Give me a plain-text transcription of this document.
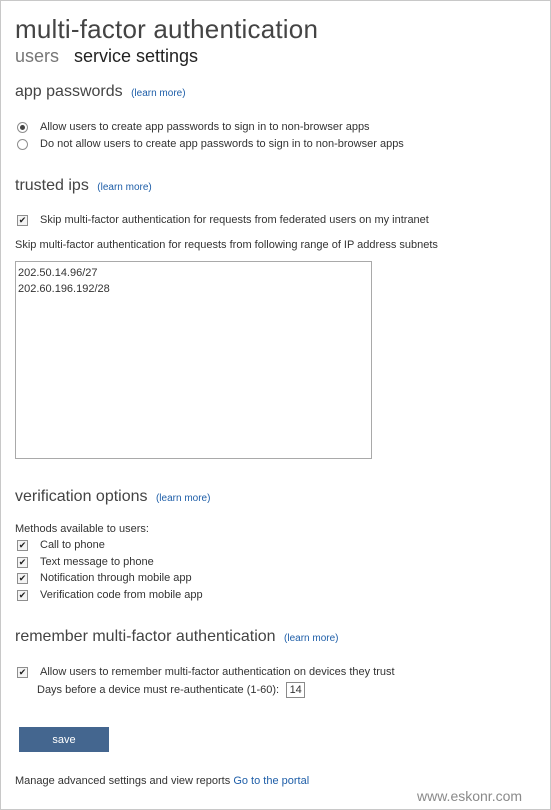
multi-factor authentication
users service settings
app passwords (learn more)
Allow users to create app passwords to sign in to non-browser apps
Do not allow users to create app passwords to sign in to non-browser apps
trusted ips (learn more)
✔ Skip multi-factor authentication for requests from federated users on my intranet
Skip multi-factor authentication for requests from following range of IP address subnets
202.50.14.96/27
202.60.196.192/28
verification options (learn more)
Methods available to users:
✔ Call to phone
✔ Text message to phone
✔ Notification through mobile app
✔ Verification code from mobile app
remember multi-factor authentication (learn more)
✔ Allow users to remember multi-factor authentication on devices they trust
Days before a device must re-authenticate (1-60): 14
save
Manage advanced settings and view reports Go to the portal
www.eskonr.com
